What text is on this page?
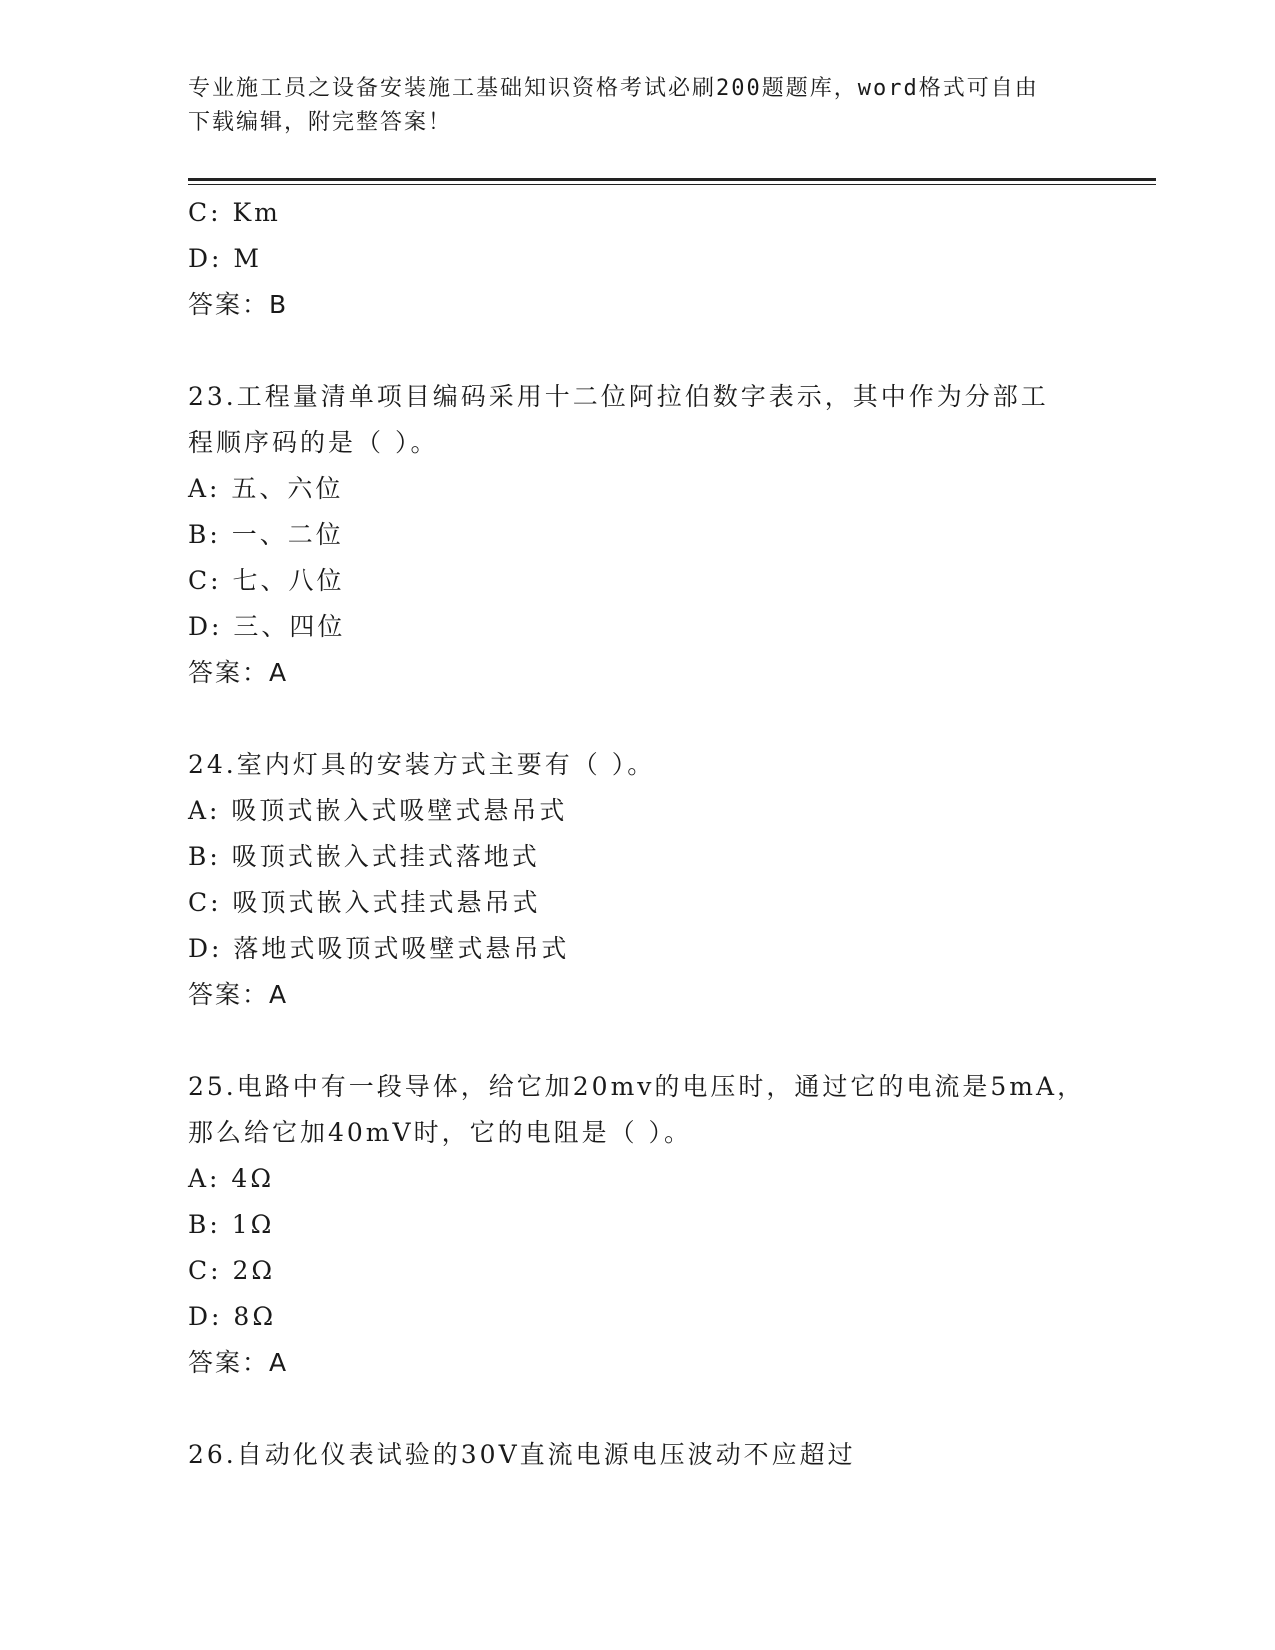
专业施工员之设备安装施工基础知识资格考试必刷200题题库，word格式可自由
下载编辑，附完整答案！
C: Km
D: M
答案：B
23.工程量清单项目编码采用十二位阿拉伯数字表示，其中作为分部工
程顺序码的是（ ）。
A: 五、六位
B: 一、二位
C: 七、八位
D: 三、四位
答案：A
24.室内灯具的安装方式主要有（ ）。
A: 吸顶式嵌入式吸壁式悬吊式
B: 吸顶式嵌入式挂式落地式
C: 吸顶式嵌入式挂式悬吊式
D: 落地式吸顶式吸壁式悬吊式
答案：A
25.电路中有一段导体，给它加20mv的电压时，通过它的电流是5mA，
那么给它加40mV时，它的电阻是（ ）。
A: 4Ω
B: 1Ω
C: 2Ω
D: 8Ω
答案：A
26.自动化仪表试验的30V直流电源电压波动不应超过
